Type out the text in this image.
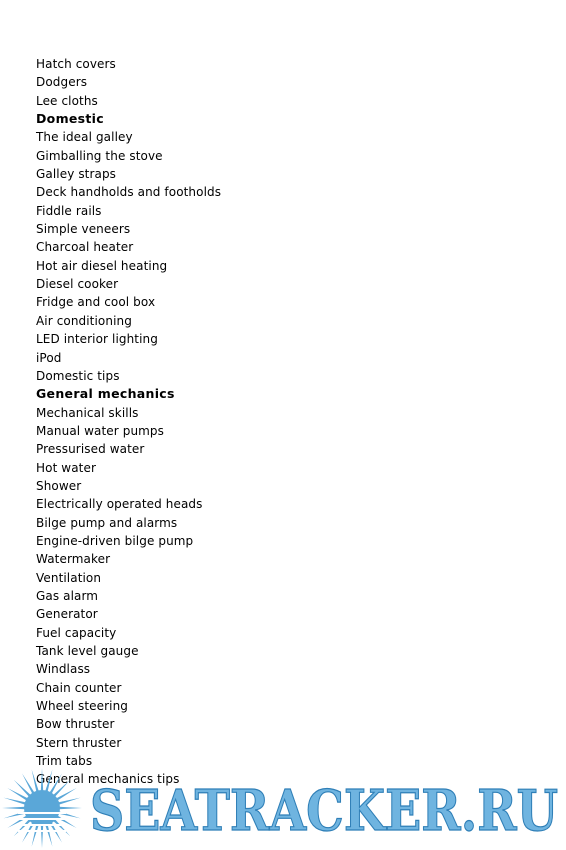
Hatch covers
Dodgers
Lee cloths
Domestic
The ideal galley
Gimballing the stove
Galley straps
Deck handholds and footholds
Fiddle rails
Simple veneers
Charcoal heater
Hot air diesel heating
Diesel cooker
Fridge and cool box
Air conditioning
LED interior lighting
iPod
Domestic tips
General mechanics
Mechanical skills
Manual water pumps
Pressurised water
Hot water
Shower
Electrically operated heads
Bilge pump and alarms
Engine-driven bilge pump
Watermaker
Ventilation
Gas alarm
Generator
Fuel capacity
Tank level gauge
Windlass
Chain counter
Wheel steering
Bow thruster
Stern thruster
Trim tabs
General mechanics tips
SEATRACKER.RU
